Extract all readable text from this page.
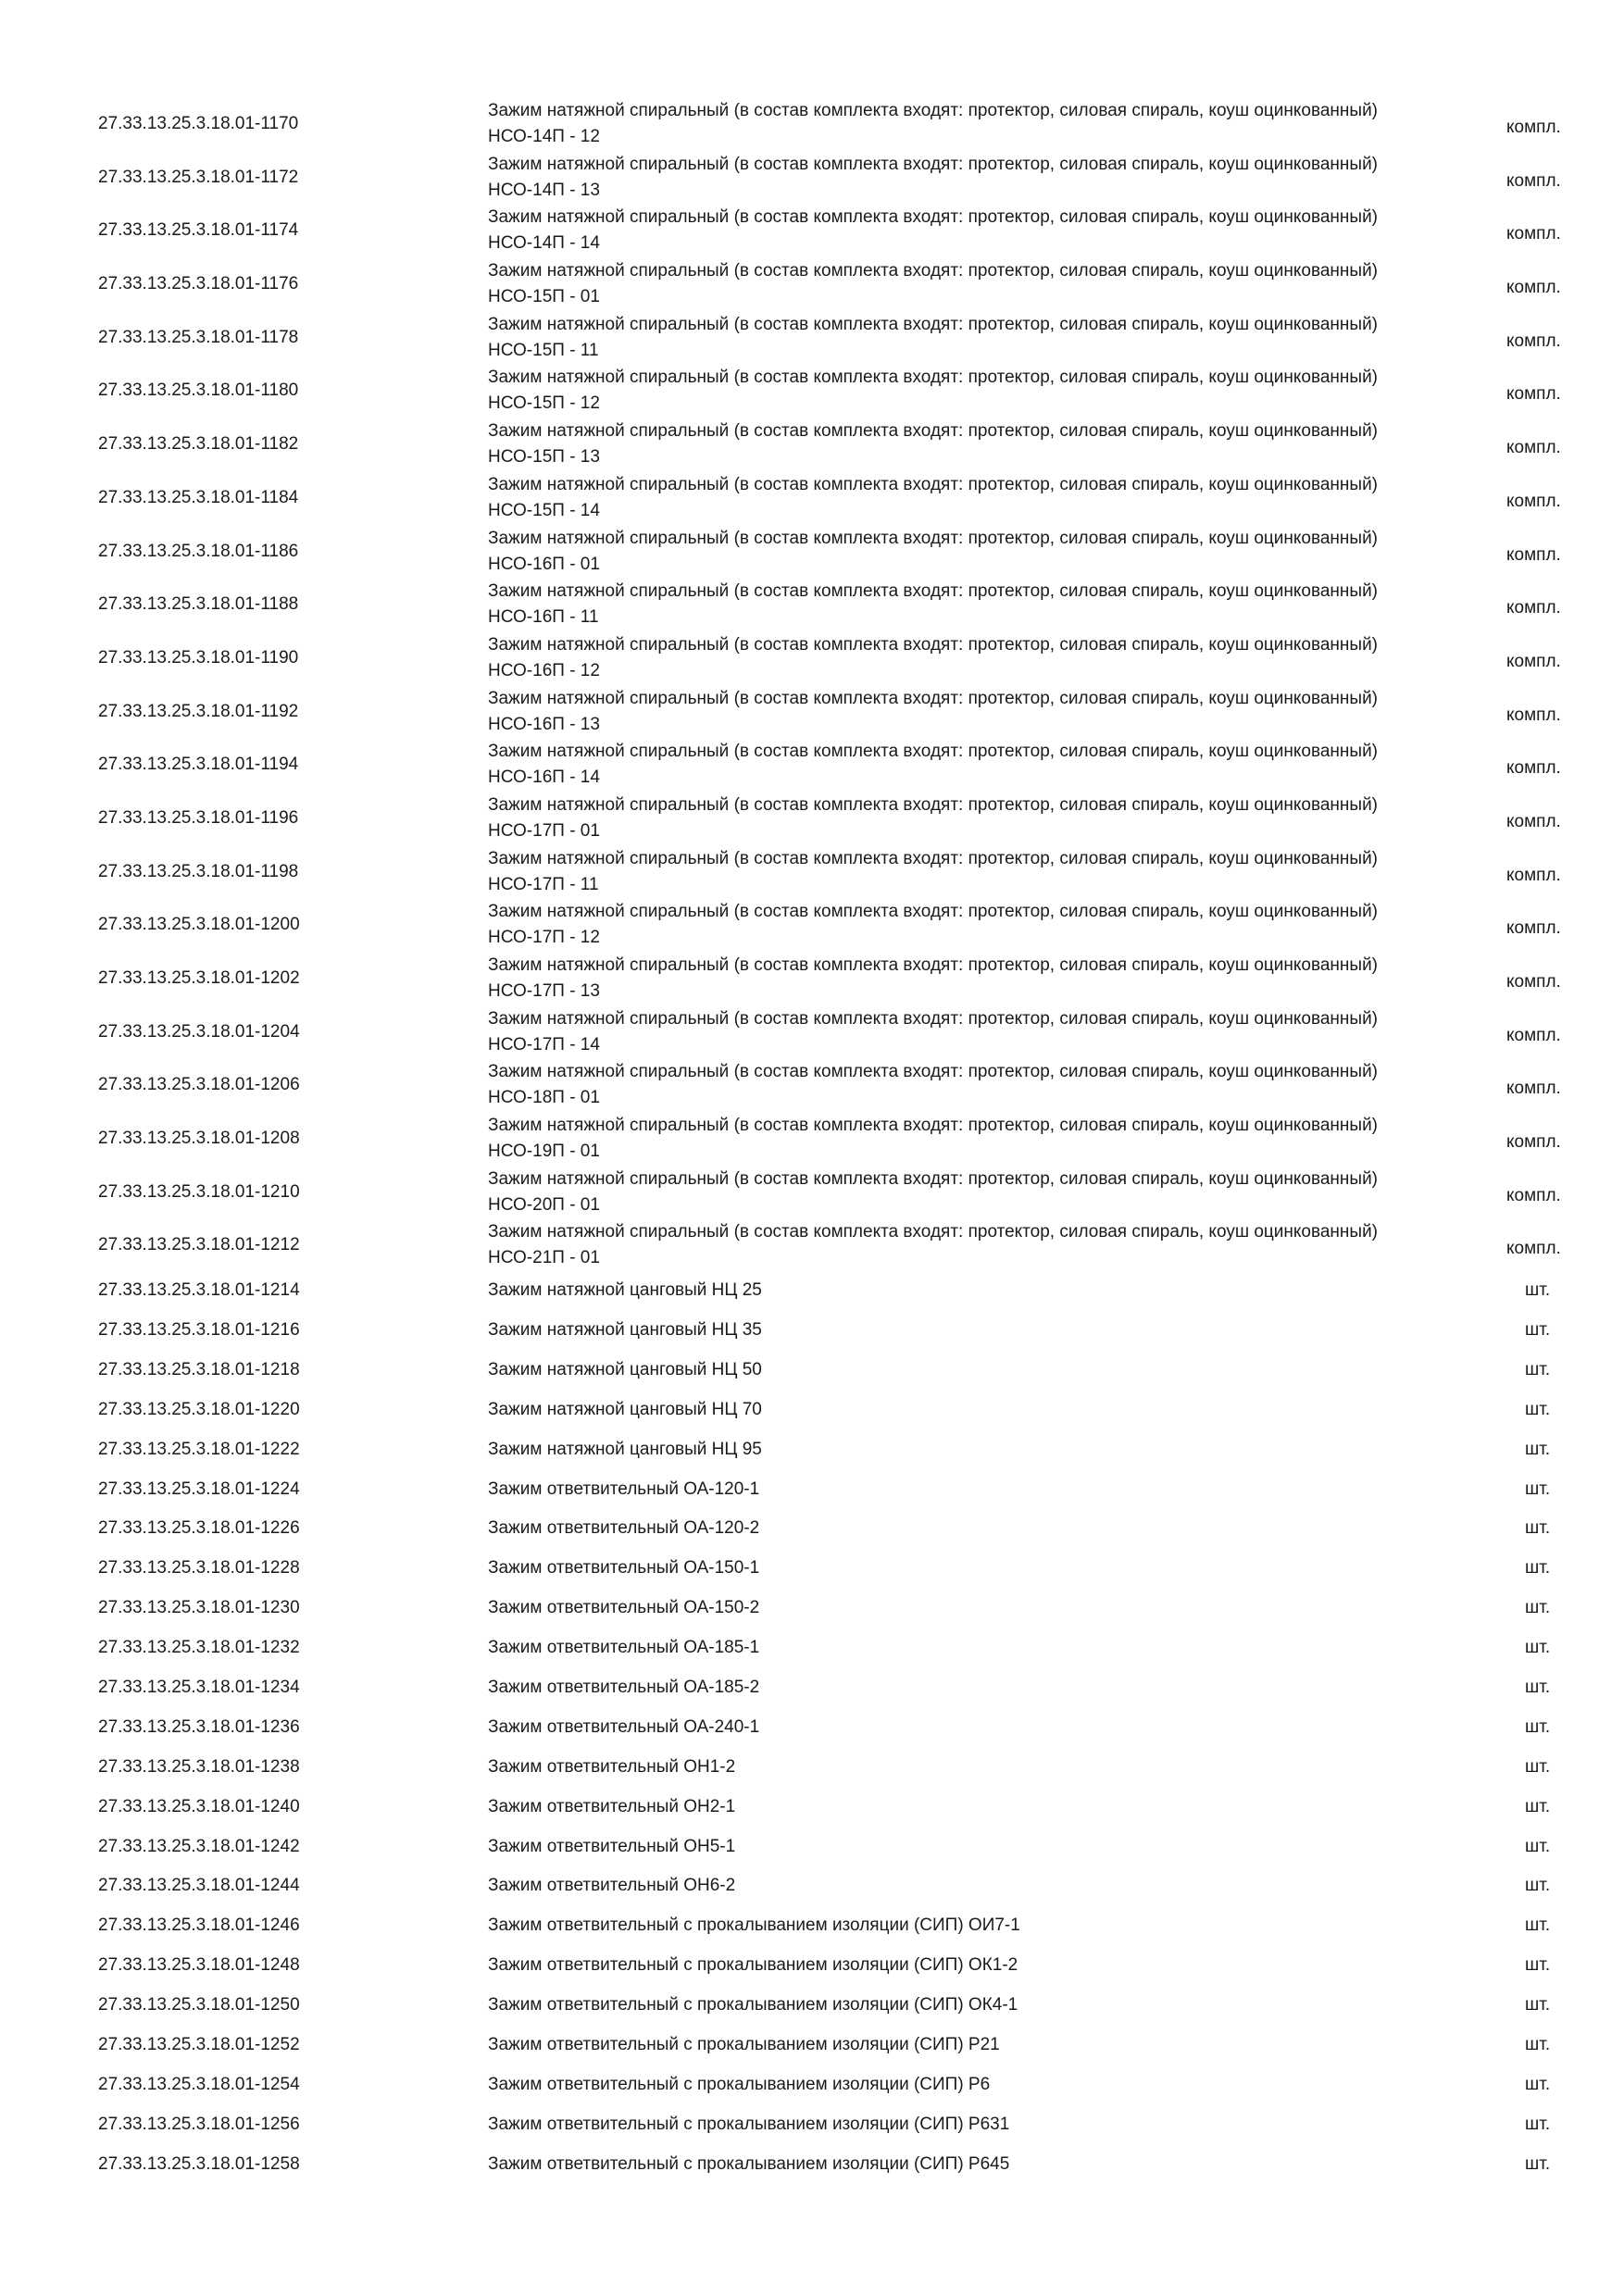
27.33.13.25.3.18.01-1170
Зажим натяжной спиральный (в состав комплекта входят: протектор, силовая спираль, коуш оцинкованный) НСО-14П - 12	компл.
27.33.13.25.3.18.01-1172
Зажим натяжной спиральный (в состав комплекта входят: протектор, силовая спираль, коуш оцинкованный) НСО-14П - 13	компл.
27.33.13.25.3.18.01-1174
Зажим натяжной спиральный (в состав комплекта входят: протектор, силовая спираль, коуш оцинкованный) НСО-14П - 14	компл.
27.33.13.25.3.18.01-1176
Зажим натяжной спиральный (в состав комплекта входят: протектор, силовая спираль, коуш оцинкованный) НСО-15П - 01	компл.
27.33.13.25.3.18.01-1178
Зажим натяжной спиральный (в состав комплекта входят: протектор, силовая спираль, коуш оцинкованный) НСО-15П - 11	компл.
27.33.13.25.3.18.01-1180
Зажим натяжной спиральный (в состав комплекта входят: протектор, силовая спираль, коуш оцинкованный) НСО-15П - 12	компл.
27.33.13.25.3.18.01-1182
Зажим натяжной спиральный (в состав комплекта входят: протектор, силовая спираль, коуш оцинкованный) НСО-15П - 13	компл.
27.33.13.25.3.18.01-1184
Зажим натяжной спиральный (в состав комплекта входят: протектор, силовая спираль, коуш оцинкованный) НСО-15П - 14	компл.
27.33.13.25.3.18.01-1186
Зажим натяжной спиральный (в состав комплекта входят: протектор, силовая спираль, коуш оцинкованный) НСО-16П - 01	компл.
27.33.13.25.3.18.01-1188
Зажим натяжной спиральный (в состав комплекта входят: протектор, силовая спираль, коуш оцинкованный) НСО-16П - 11	компл.
27.33.13.25.3.18.01-1190
Зажим натяжной спиральный (в состав комплекта входят: протектор, силовая спираль, коуш оцинкованный) НСО-16П - 12	компл.
27.33.13.25.3.18.01-1192
Зажим натяжной спиральный (в состав комплекта входят: протектор, силовая спираль, коуш оцинкованный) НСО-16П - 13	компл.
27.33.13.25.3.18.01-1194
Зажим натяжной спиральный (в состав комплекта входят: протектор, силовая спираль, коуш оцинкованный) НСО-16П - 14	компл.
27.33.13.25.3.18.01-1196
Зажим натяжной спиральный (в состав комплекта входят: протектор, силовая спираль, коуш оцинкованный) НСО-17П - 01	компл.
27.33.13.25.3.18.01-1198
Зажим натяжной спиральный (в состав комплекта входят: протектор, силовая спираль, коуш оцинкованный) НСО-17П - 11	компл.
27.33.13.25.3.18.01-1200
Зажим натяжной спиральный (в состав комплекта входят: протектор, силовая спираль, коуш оцинкованный) НСО-17П - 12	компл.
27.33.13.25.3.18.01-1202
Зажим натяжной спиральный (в состав комплекта входят: протектор, силовая спираль, коуш оцинкованный) НСО-17П - 13	компл.
27.33.13.25.3.18.01-1204
Зажим натяжной спиральный (в состав комплекта входят: протектор, силовая спираль, коуш оцинкованный) НСО-17П - 14	компл.
27.33.13.25.3.18.01-1206
Зажим натяжной спиральный (в состав комплекта входят: протектор, силовая спираль, коуш оцинкованный) НСО-18П - 01	компл.
27.33.13.25.3.18.01-1208
Зажим натяжной спиральный (в состав комплекта входят: протектор, силовая спираль, коуш оцинкованный) НСО-19П - 01	компл.
27.33.13.25.3.18.01-1210
Зажим натяжной спиральный (в состав комплекта входят: протектор, силовая спираль, коуш оцинкованный) НСО-20П - 01	компл.
27.33.13.25.3.18.01-1212
Зажим натяжной спиральный (в состав комплекта входят: протектор, силовая спираль, коуш оцинкованный) НСО-21П - 01	компл.
27.33.13.25.3.18.01-1214	Зажим натяжной цанговый НЦ 25	шт.
27.33.13.25.3.18.01-1216	Зажим натяжной цанговый НЦ 35	шт.
27.33.13.25.3.18.01-1218	Зажим натяжной цанговый НЦ 50	шт.
27.33.13.25.3.18.01-1220	Зажим натяжной цанговый НЦ 70	шт.
27.33.13.25.3.18.01-1222	Зажим натяжной цанговый НЦ 95	шт.
27.33.13.25.3.18.01-1224	Зажим ответвительный ОА-120-1	шт.
27.33.13.25.3.18.01-1226	Зажим ответвительный ОА-120-2	шт.
27.33.13.25.3.18.01-1228	Зажим ответвительный ОА-150-1	шт.
27.33.13.25.3.18.01-1230	Зажим ответвительный ОА-150-2	шт.
27.33.13.25.3.18.01-1232	Зажим ответвительный ОА-185-1	шт.
27.33.13.25.3.18.01-1234	Зажим ответвительный ОА-185-2	шт.
27.33.13.25.3.18.01-1236	Зажим ответвительный ОА-240-1	шт.
27.33.13.25.3.18.01-1238	Зажим ответвительный ОН1-2	шт.
27.33.13.25.3.18.01-1240	Зажим ответвительный ОН2-1	шт.
27.33.13.25.3.18.01-1242	Зажим ответвительный ОН5-1	шт.
27.33.13.25.3.18.01-1244	Зажим ответвительный ОН6-2	шт.
27.33.13.25.3.18.01-1246	Зажим ответвительный с прокалыванием изоляции (СИП) ОИ7-1	шт.
27.33.13.25.3.18.01-1248	Зажим ответвительный с прокалыванием изоляции (СИП) ОК1-2	шт.
27.33.13.25.3.18.01-1250	Зажим ответвительный с прокалыванием изоляции (СИП) ОК4-1	шт.
27.33.13.25.3.18.01-1252	Зажим ответвительный с прокалыванием изоляции (СИП) Р21	шт.
27.33.13.25.3.18.01-1254	Зажим ответвительный с прокалыванием изоляции (СИП) Р6	шт.
27.33.13.25.3.18.01-1256	Зажим ответвительный с прокалыванием изоляции (СИП) Р631	шт.
27.33.13.25.3.18.01-1258	Зажим ответвительный с прокалыванием изоляции (СИП) Р645	шт.
